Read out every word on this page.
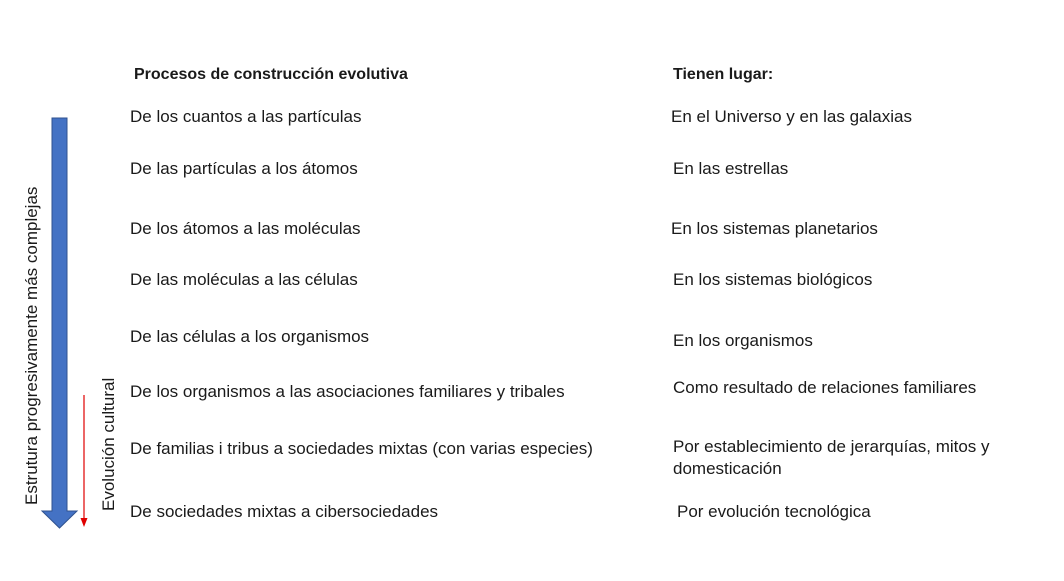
Estrutura progresivamente más complejas	Evolución cultural
Procesos de construcción evolutiva	Tienen lugar:
De los cuantos a las partículas
De las partículas a los átomos
De los átomos a las moléculas
De las moléculas a las células
De las células a los organismos
De los organismos a las asociaciones familiares y tribales
De familias i tribus a sociedades mixtas (con varias especies)
De sociedades mixtas a cibersociedades
En el Universo y en las galaxias
En las estrellas
En los sistemas planetarios
En los sistemas biológicos
En los organismos
Como resultado de relaciones familiares
Por establecimiento de jerarquías, mitos y
domesticación
Por evolución tecnológica
